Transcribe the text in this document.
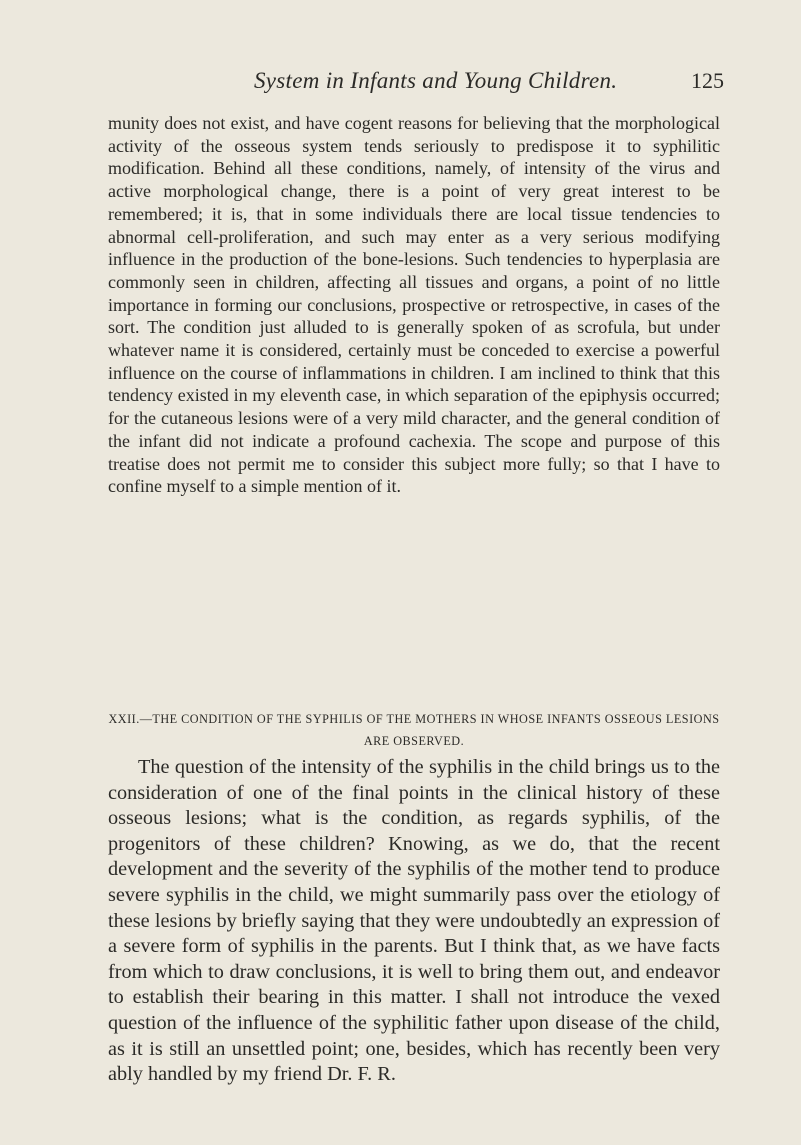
System in Infants and Young Children.	125

munity does not exist, and have cogent reasons for believing that the morphological activity of the osseous system tends seriously to predispose it to syphilitic modification. Behind all these conditions, namely, of intensity of the virus and active morphological change, there is a point of very great interest to be remembered; it is, that in some individuals there are local tissue tendencies to abnormal cell-proliferation, and such may enter as a very serious modifying influence in the production of the bone-lesions. Such tendencies to hyperplasia are commonly seen in children, affecting all tissues and organs, a point of no little importance in forming our conclusions, prospective or retrospective, in cases of the sort. The condition just alluded to is generally spoken of as scrofula, but under whatever name it is considered, certainly must be conceded to exercise a powerful influence on the course of inflammations in children. I am inclined to think that this tendency existed in my eleventh case, in which separation of the epiphysis occurred; for the cutaneous lesions were of a very mild character, and the general condition of the infant did not indicate a profound cachexia. The scope and purpose of this treatise does not permit me to consider this subject more fully; so that I have to confine myself to a simple mention of it.

XXII.—THE CONDITION OF THE SYPHILIS OF THE MOTHERS IN WHOSE INFANTS OSSEOUS LESIONS ARE OBSERVED.

The question of the intensity of the syphilis in the child brings us to the consideration of one of the final points in the clinical history of these osseous lesions; what is the condition, as regards syphilis, of the progenitors of these children? Knowing, as we do, that the recent development and the severity of the syphilis of the mother tend to produce severe syphilis in the child, we might summarily pass over the etiology of these lesions by briefly saying that they were undoubtedly an expression of a severe form of syphilis in the parents. But I think that, as we have facts from which to draw conclusions, it is well to bring them out, and endeavor to establish their bearing in this matter. I shall not introduce the vexed question of the influence of the syphilitic father upon disease of the child, as it is still an unsettled point; one, besides, which has recently been very ably handled by my friend Dr. F. R.
